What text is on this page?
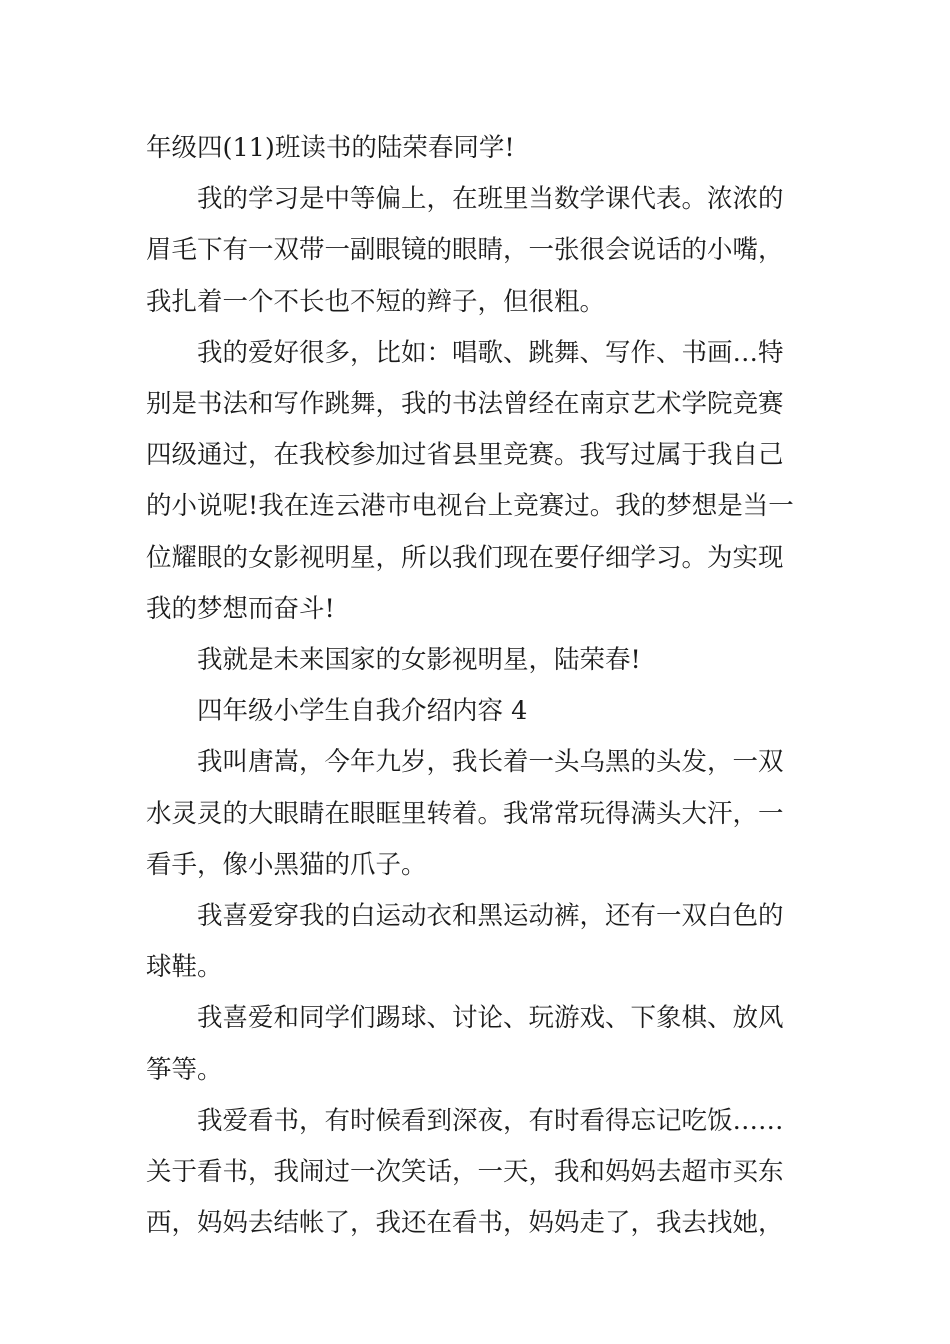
年级四(11)班读书的陆荣春同学!

我的学习是中等偏上，在班里当数学课代表。浓浓的
眉毛下有一双带一副眼镜的眼睛，一张很会说话的小嘴，
我扎着一个不长也不短的辫子，但很粗。

我的爱好很多，比如：唱歌、跳舞、写作、书画…特
别是书法和写作跳舞，我的书法曾经在南京艺术学院竞赛
四级通过，在我校参加过省县里竞赛。我写过属于我自己
的小说呢!我在连云港市电视台上竞赛过。我的梦想是当一
位耀眼的女影视明星，所以我们现在要仔细学习。为实现
我的梦想而奋斗!

我就是未来国家的女影视明星，陆荣春!

四年级小学生自我介绍内容 4

我叫唐嵩，今年九岁，我长着一头乌黑的头发，一双
水灵灵的大眼睛在眼眶里转着。我常常玩得满头大汗，一
看手，像小黑猫的爪子。

我喜爱穿我的白运动衣和黑运动裤，还有一双白色的
球鞋。

我喜爱和同学们踢球、讨论、玩游戏、下象棋、放风
筝等。

我爱看书，有时候看到深夜，有时看得忘记吃饭……
关于看书，我闹过一次笑话，一天，我和妈妈去超市买东
西，妈妈去结帐了，我还在看书，妈妈走了，我去找她，
